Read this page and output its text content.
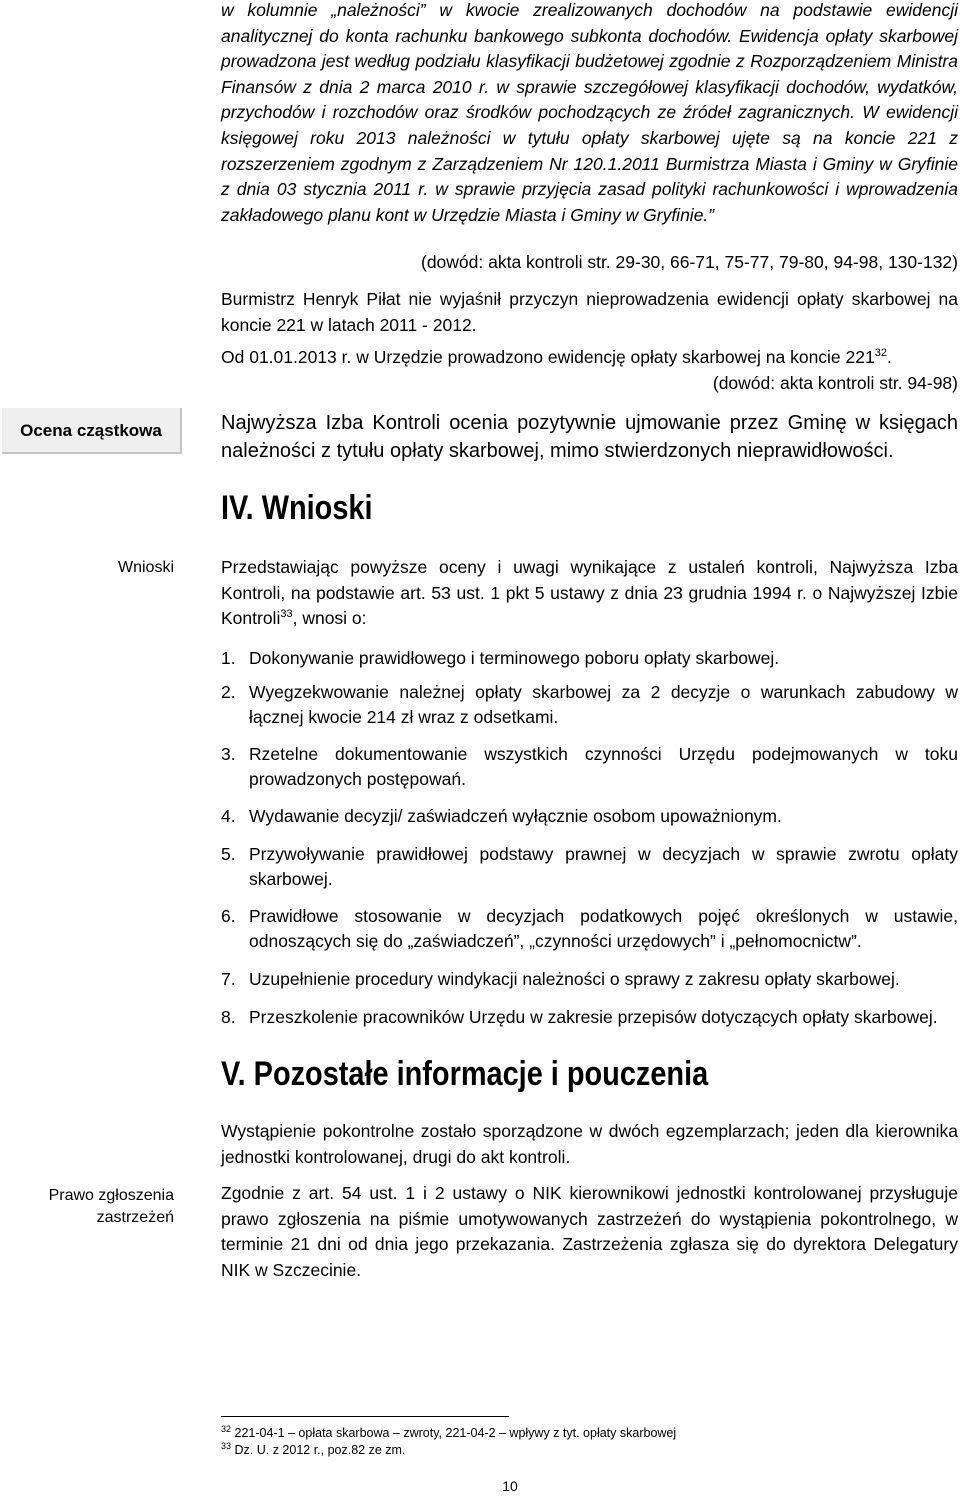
w kolumnie „należności” w kwocie zrealizowanych dochodów na podstawie ewidencji analitycznej do konta rachunku bankowego subkonta dochodów. Ewidencja opłaty skarbowej prowadzona jest według podziału klasyfikacji budżetowej zgodnie z Rozporządzeniem Ministra Finansów z dnia 2 marca 2010 r. w sprawie szczegółowej klasyfikacji dochodów, wydatków, przychodów i rozchodów oraz środków pochodzących ze źródeł zagranicznych. W ewidencji księgowej roku 2013 należności w tytułu opłaty skarbowej ujęte są na koncie 221 z rozszerzeniem zgodnym z Zarządzeniem Nr 120.1.2011 Burmistrza Miasta i Gminy w Gryfinie z dnia 03 stycznia 2011 r. w sprawie przyjęcia zasad polityki rachunkowości i wprowadzenia zakładowego planu kont w Urzędzie Miasta i Gminy w Gryfinie.”
(dowód: akta kontroli str. 29-30, 66-71, 75-77, 79-80, 94-98, 130-132)
Burmistrz Henryk Piłat nie wyjaśnił przyczyn nieprowadzenia ewidencji opłaty skarbowej na koncie 221 w latach 2011 - 2012.
Od 01.01.2013 r. w Urzędzie prowadzono ewidencję opłaty skarbowej na koncie $221^{32}$.
(dowód: akta kontroli str. 94-98)
Ocena cząstkowa	Najwyższa Izba Kontroli ocenia pozytywnie ujmowanie przez Gminę w księgach należności z tytułu opłaty skarbowej, mimo stwierdzonych nieprawidłowości.
IV. Wnioski
Wnioski	Przedstawiając powyższe oceny i uwagi wynikające z ustaleń kontroli, Najwyższa Izba Kontroli, na podstawie art. 53 ust. 1 pkt 5 ustawy z dnia 23 grudnia 1994 r. o Najwyższej Izbie Kontroli$^{33}$, wnosi o:
1. Dokonywanie prawidłowego i terminowego poboru opłaty skarbowej.
2. Wyegzekwowanie należnej opłaty skarbowej za 2 decyzje o warunkach zabudowy w łącznej kwocie 214 zł wraz z odsetkami.
3. Rzetelne dokumentowanie wszystkich czynności Urzędu podejmowanych w toku prowadzonych postępowań.
4. Wydawanie decyzji/ zaświadczeń wyłącznie osobom upoważnionym.
5. Przywoływanie prawidłowej podstawy prawnej w decyzjach w sprawie zwrotu opłaty skarbowej.
6. Prawidłowe stosowanie w decyzjach podatkowych pojęć określonych w ustawie, odnoszących się do „zaświadczeń”, „czynności urzędowych” i „pełnomocnictw”.
7. Uzupełnienie procedury windykacji należności o sprawy z zakresu opłaty skarbowej.
8. Przeszkolenie pracowników Urzędu w zakresie przepisów dotyczących opłaty skarbowej.
V. Pozostałe informacje i pouczenia
Wystąpienie pokontrolne zostało sporządzone w dwóch egzemplarzach; jeden dla kierownika jednostki kontrolowanej, drugi do akt kontroli.
Prawo zgłoszenia
zastrzeżeń
Zgodnie z art. 54 ust. 1 i 2 ustawy o NIK kierownikowi jednostki kontrolowanej przysługuje prawo zgłoszenia na piśmie umotywowanych zastrzeżeń do wystąpienia pokontrolnego, w terminie 21 dni od dnia jego przekazania. Zastrzeżenia zgłasza się do dyrektora Delegatury NIK w Szczecinie.
$^{32}$ 221-04-1 – opłata skarbowa – zwroty, 221-04-2 – wpływy z tyt. opłaty skarbowej
$^{33}$ Dz. U. z 2012 r., poz.82 ze zm.
10
